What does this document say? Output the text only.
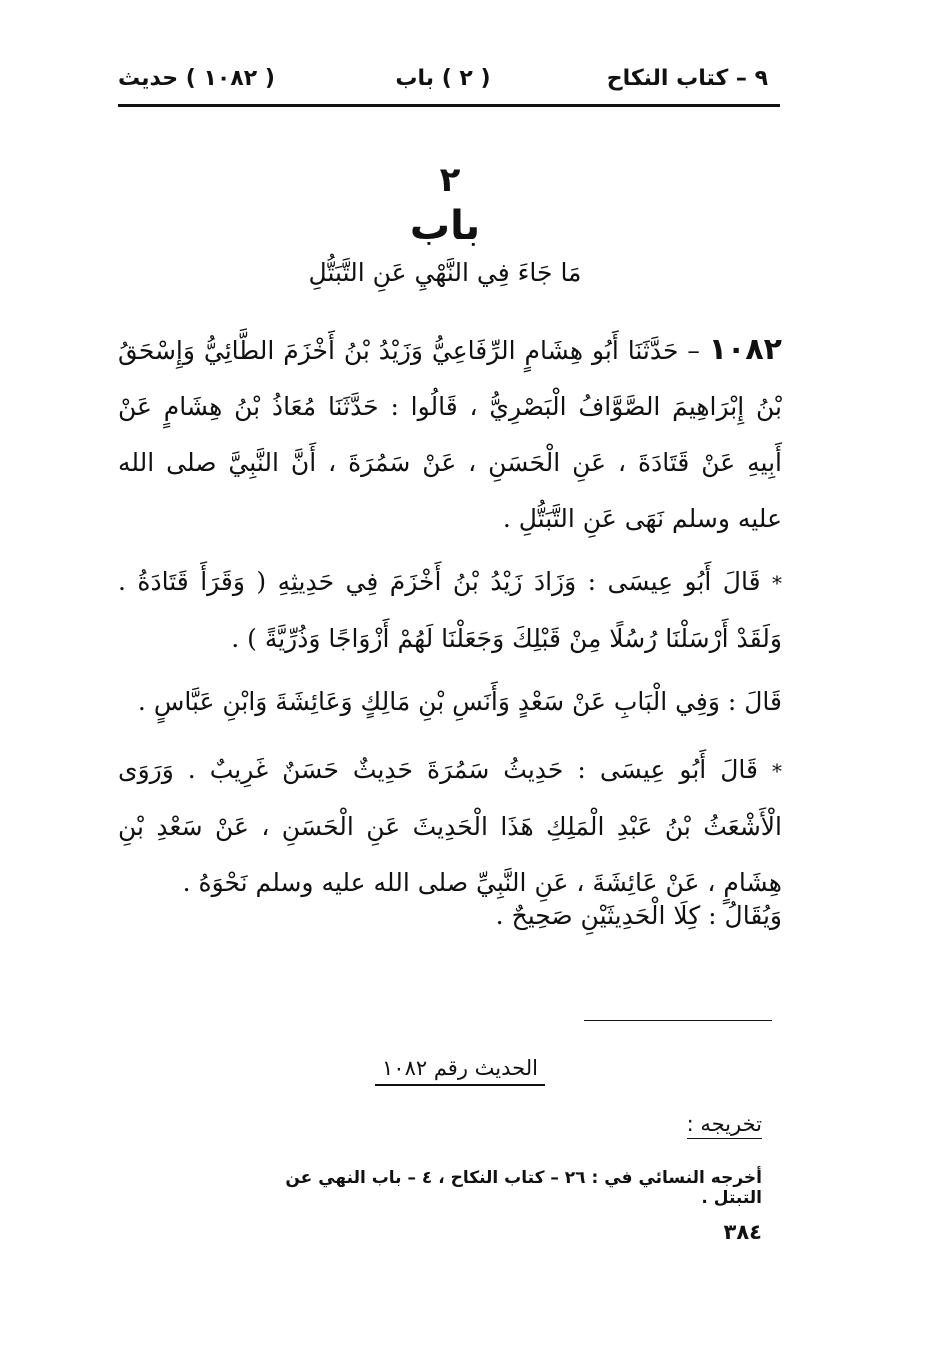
٩ – كتاب النكاح
( ٢ ) باب
( ١٠٨٢ ) حديث
٢
باب
مَا جَاءَ فِي النَّهْيِ عَنِ التَّبَتُّلِ
١٠٨٢ – حَدَّثَنَا أَبُو هِشَامٍ الرِّفَاعِيُّ وَزَيْدُ بْنُ أَخْزَمَ الطَّائِيُّ وَإِسْحَقُ بْنُ إِبْرَاهِيمَ الصَّوَّافُ الْبَصْرِيُّ ، قَالُوا : حَدَّثَنَا مُعَاذُ بْنُ هِشَامٍ عَنْ أَبِيهِ عَنْ قَتَادَةَ ، عَنِ الْحَسَنِ ، عَنْ سَمُرَةَ ، أَنَّ النَّبِيَّ صلى الله عليه وسلم نَهَى عَنِ التَّبَتُّلِ .
* قَالَ أَبُو عِيسَى : وَزَادَ زَيْدُ بْنُ أَخْزَمَ فِي حَدِيثِهِ ( وَقَرَأَ قَتَادَةُ . وَلَقَدْ أَرْسَلْنَا رُسُلًا مِنْ قَبْلِكَ وَجَعَلْنَا لَهُمْ أَزْوَاجًا وَذُرِّيَّةً ) .
قَالَ : وَفِي الْبَابِ عَنْ سَعْدٍ وَأَنَسِ بْنِ مَالِكٍ وَعَائِشَةَ وَابْنِ عَبَّاسٍ .
* قَالَ أَبُو عِيسَى : حَدِيثُ سَمُرَةَ حَدِيثٌ حَسَنٌ غَرِيبٌ . وَرَوَى الْأَشْعَثُ بْنُ عَبْدِ الْمَلِكِ هَذَا الْحَدِيثَ عَنِ الْحَسَنِ ، عَنْ سَعْدِ بْنِ هِشَامٍ ، عَنْ عَائِشَةَ ، عَنِ النَّبِيِّ صلى الله عليه وسلم نَحْوَهُ .
وَيُقَالُ : كِلَا الْحَدِيثَيْنِ صَحِيحٌ .
الحديث رقم ١٠٨٢
تخريجه :
أخرجه النسائي في : ٢٦ – كتاب النكاح ، ٤ – باب النهي عن التبتل .
٣٨٤
